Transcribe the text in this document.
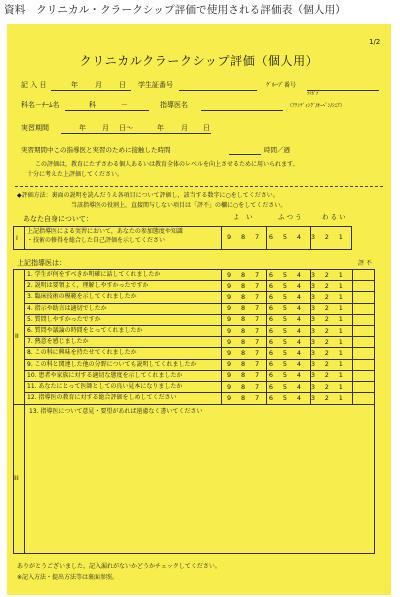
資料　クリニカル・クラークシップ評価で使用される評価表（個人用）
1/2
クリニカルクラークシップ評価（個人用）
記 入 日	年 月 日 学生証番号	ｸﾞﾙｰﾌﾟ番号
科名－ﾁｰﾑ名	科	－	指導医名
ﾌﾘｶﾞﾅ
（ｱﾃﾝﾃﾞｨﾝｸﾞ/ｵｰﾍﾞﾝ/ｼﾆｱ）
実習期間	年 月 日～	年 月 日
実習期間中この指導医と実習のために接触した時間	時間／週
この評価は，教育にたずさわる個人あるいは教育全体のレベルを向上させるために用いられます。
十分に考えた上評価してください。
◆評価方法：裏面の説明を読んだうえ各項目について評価し，該当する数字に○をしてください。
当該指導医の役割上，直接関与しない項目は「評不」の欄に○をしてください。
よ　い	ふ つ う	わ る い
あなた自身について：
I
上記指導医による実習において，あなたの参加態度や知識
・技術の修得を総合した自己評価を示してください	9 8 7 6 5 4 3 2 1
上記指導医は：	評 不
II
1. 学生が何をすべきか明確に話してくれましたか	9 8 7 6 5 4 3 2 1
2. 説明は要領よく，理解しやすかったですか	9 8 7 6 5 4 3 2 1
3. 臨床技術の模範を示してくれましたか	9 8 7 6 5 4 3 2 1
4. 指示や助言は適切でしたか	9 8 7 6 5 4 3 2 1
5. 質問しやすかったですか	9 8 7 6 5 4 3 2 1
6. 質問や議論の時間をとってくれましたか	9 8 7 6 5 4 3 2 1
7. 熱意を感じましたか	9 8 7 6 5 4 3 2 1
8. この科に興味を持たせてくれましたか	9 8 7 6 5 4 3 2 1
9. この科と関連した他の分野についても説明してくれましたか	9 8 7 6 5 4 3 2 1
10. 患者や家族に対する適切な態度を示してくれましたか	9 8 7 6 5 4 3 2 1
11. あなたにとって医師としての良い見本になりましたか	9 8 7 6 5 4 3 2 1
12. 指導医の教育に対する総合評価をしめしてください	9 8 7 6 5 4 3 2 1
III
13. 指導医について意見・要望があれば遠慮なく書いてください
ありがとうございました。記入漏れがないかどうかチェックしてください。
※記入方法・提出方法等は裏面参照。
